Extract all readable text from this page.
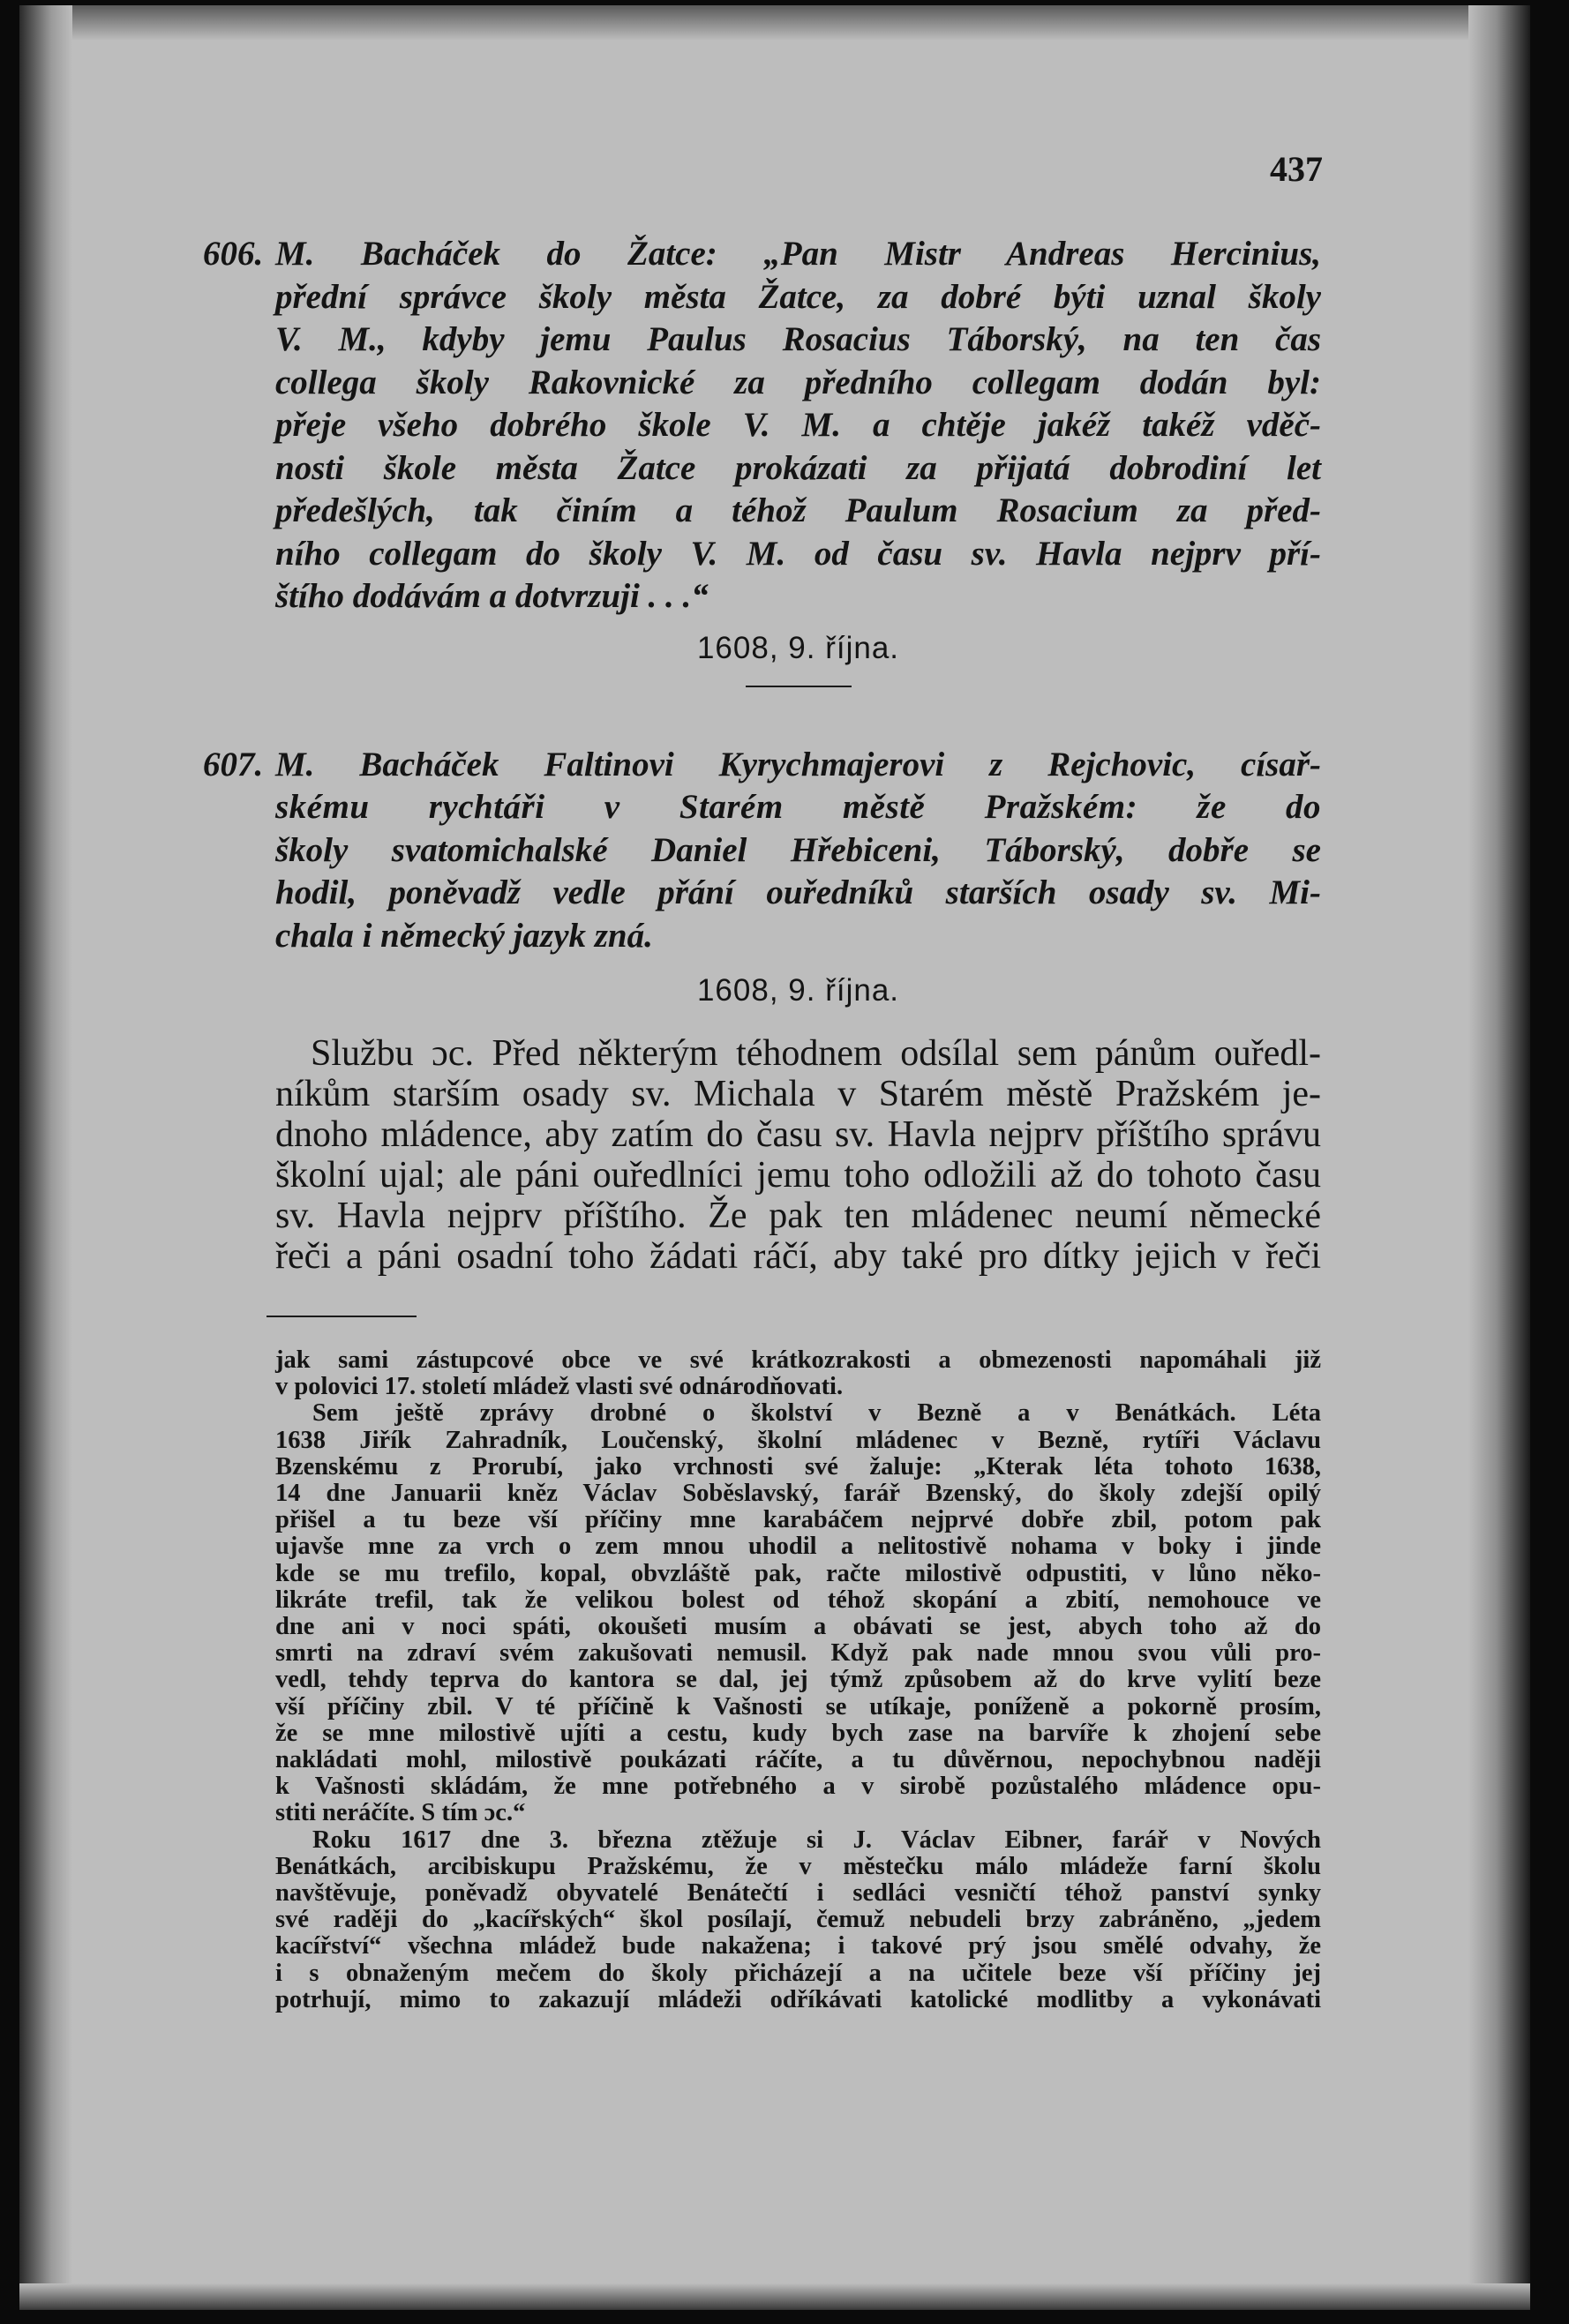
437
606. M. Bacháček do Žatce: „Pan Mistr Andreas Hercinius,
přední správce školy města Žatce, za dobré býti uznal školy
V. M., kdyby jemu Paulus Rosacius Táborský, na ten čas
collega školy Rakovnické za předního collegam dodán byl:
přeje všeho dobrého škole V. M. a chtěje jakéž takéž vděč-
nosti škole města Žatce prokázati za přijatá dobrodiní let
předešlých, tak činím a téhož Paulum Rosacium za před-
ního collegam do školy V. M. od času sv. Havla nejprv pří-
štího dodávám a dotvrzuji . . .“
1608, 9. října.
607. M. Bacháček Faltinovi Kyrychmajerovi z Rejchovic, císař-
skému rychtáři v Starém městě Pražském: že do
školy svatomichalské Daniel Hřebiceni, Táborský, dobře se
hodil, poněvadž vedle přání ouředníků starších osady sv. Mi-
chala i německý jazyk zná.
1608, 9. října.
Službu ɔc. Před některým téhodnem odsílal sem pánům ouředl-
níkům starším osady sv. Michala v Starém městě Pražském je-
dnoho mládence, aby zatím do času sv. Havla nejprv příštího správu
školní ujal; ale páni ouředlníci jemu toho odložili až do tohoto času
sv. Havla nejprv příštího. Že pak ten mládenec neumí německé
řeči a páni osadní toho žádati ráčí, aby také pro dítky jejich v řeči
jak sami zástupcové obce ve své krátkozrakosti a obmezenosti napomáhali již
v polovici 17. století mládež vlasti své odnárodňovati.
Sem ještě zprávy drobné o školství v Bezně a v Benátkách. Léta
1638 Jiřík Zahradník, Loučenský, školní mládenec v Bezně, rytíři Václavu
Bzenskému z Prorubí, jako vrchnosti své žaluje: „Kterak léta tohoto 1638,
14 dne Januarii kněz Václav Soběslavský, farář Bzenský, do školy zdejší opilý
přišel a tu beze vší příčiny mne karabáčem nejprvé dobře zbil, potom pak
ujavše mne za vrch o zem mnou uhodil a nelitostivě nohama v boky i jinde
kde se mu trefilo, kopal, obvzláště pak, račte milostivě odpustiti, v lůno něko-
likráte trefil, tak že velikou bolest od téhož skopání a zbití, nemohouce ve
dne ani v noci spáti, okoušeti musím a obávati se jest, abych toho až do
smrti na zdraví svém zakušovati nemusil. Když pak nade mnou svou vůli pro-
vedl, tehdy teprva do kantora se dal, jej týmž způsobem až do krve vylití beze
vší příčiny zbil. V té příčině k Vašnosti se utíkaje, poníženě a pokorně prosím,
že se mne milostivě ujíti a cestu, kudy bych zase na barvíře k zhojení sebe
nakládati mohl, milostivě poukázati ráčíte, a tu důvěrnou, nepochybnou naději
k Vašnosti skládám, že mne potřebného a v sirobě pozůstalého mládence opu-
stiti neráčíte. S tím ɔc.“
Roku 1617 dne 3. března ztěžuje si J. Václav Eibner, farář v Nových
Benátkách, arcibiskupu Pražskému, že v městečku málo mládeže farní školu
navštěvuje, poněvadž obyvatelé Benátečtí i sedláci vesničtí téhož panství synky
své raději do „kacířských“ škol posílají, čemuž nebudeli brzy zabráněno, „jedem
kacířství“ všechna mládež bude nakažena; i takové prý jsou smělé odvahy, že
i s obnaženým mečem do školy přicházejí a na učitele beze vší příčiny jej
potrhují, mimo to zakazují mládeži odříkávati katolické modlitby a vykonávati
